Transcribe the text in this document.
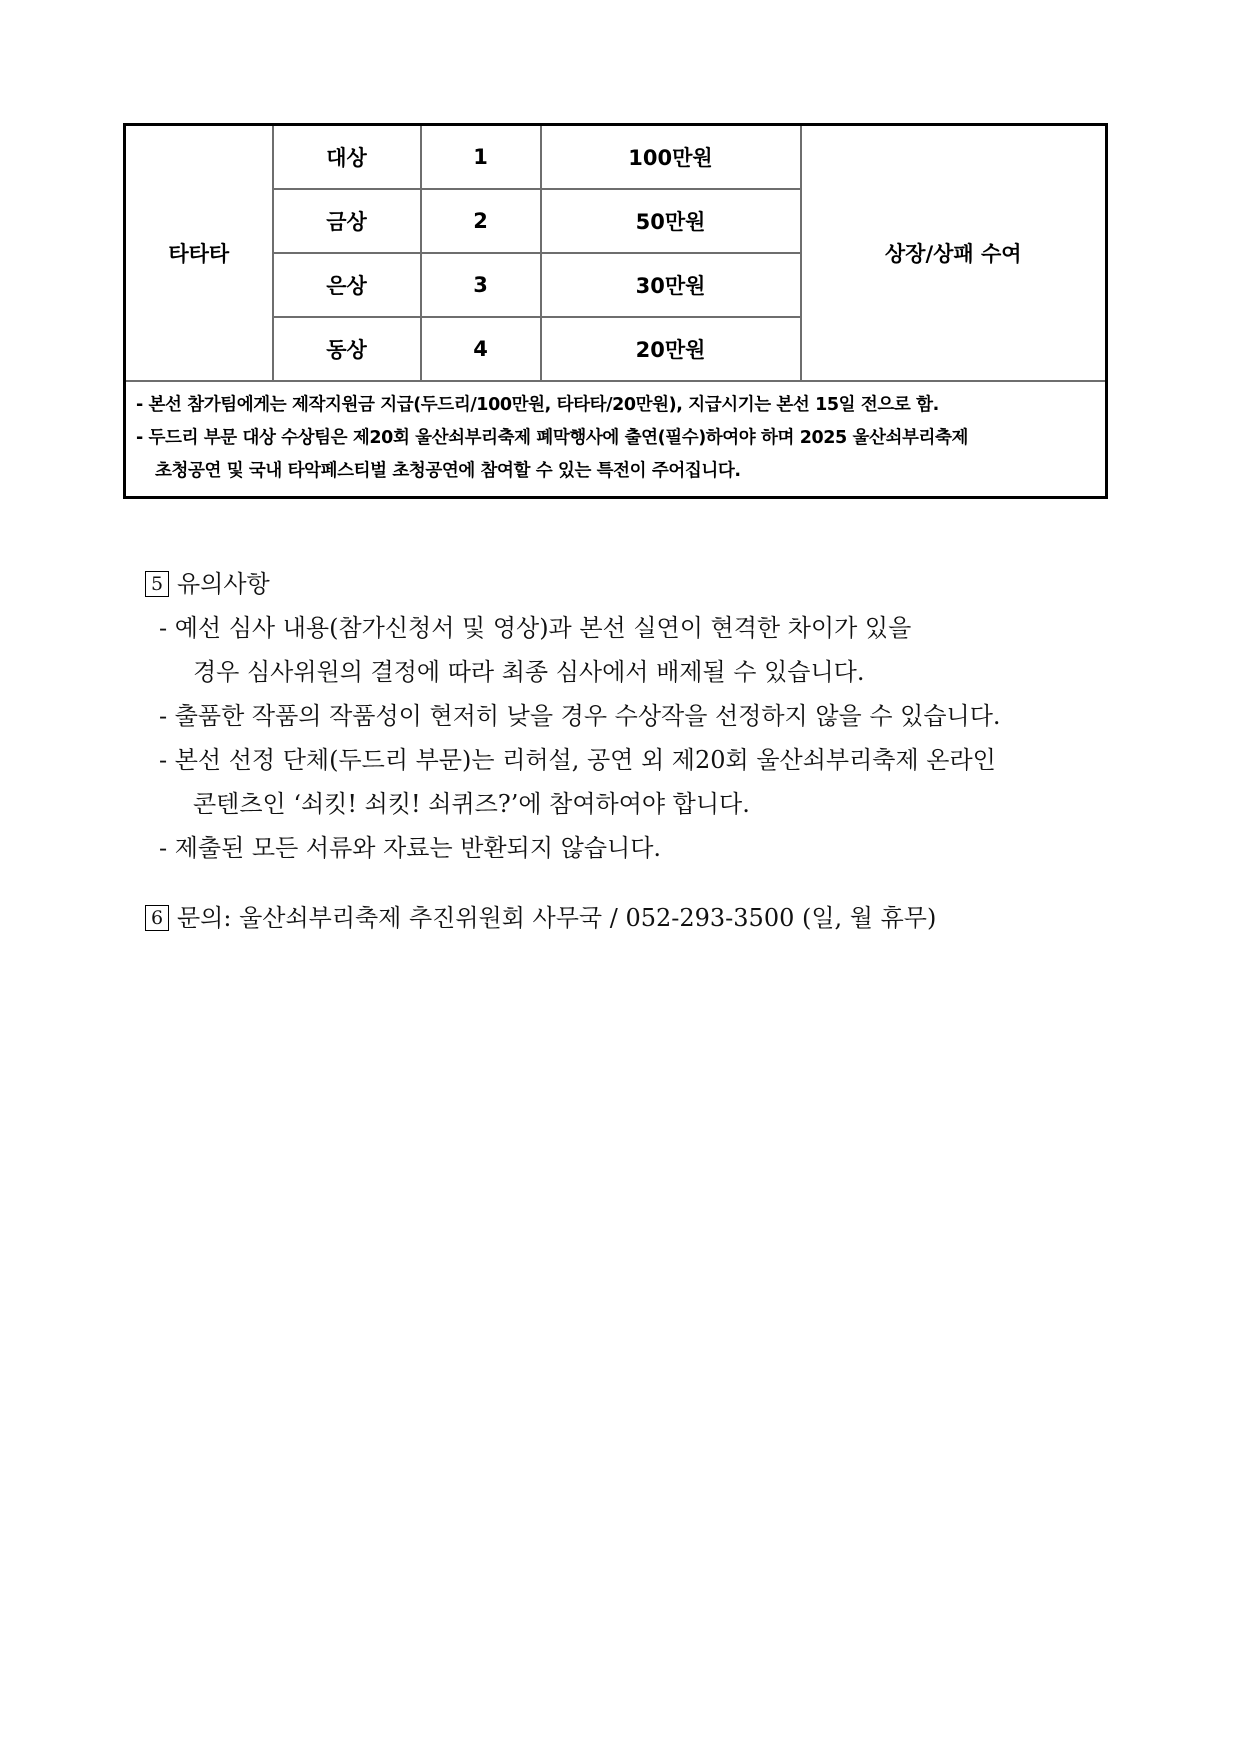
타타타	대상	1	100만원	상장/상패 수여
	금상	2	50만원	
	은상	3	30만원	
	동상	4	20만원	

- 본선 참가팀에게는 제작지원금 지급(두드리/100만원, 타타타/20만원), 지급시기는 본선 15일 전으로 함.
- 두드리 부문 대상 수상팀은 제20회 울산쇠부리축제 폐막행사에 출연(필수)하여야 하며 2025 울산쇠부리축제
초청공연 및 국내 타악페스티벌 초청공연에 참여할 수 있는 특전이 주어집니다.				
5 유의사항
- 예선 심사 내용(참가신청서 및 영상)과 본선 실연이 현격한 차이가 있을
경우 심사위원의 결정에 따라 최종 심사에서 배제될 수 있습니다.
- 출품한 작품의 작품성이 현저히 낮을 경우 수상작을 선정하지 않을 수 있습니다.
- 본선 선정 단체(두드리 부문)는 리허설, 공연 외 제20회 울산쇠부리축제 온라인
콘텐츠인 ‘쇠킷! 쇠킷! 쇠퀴즈?’에 참여하여야 합니다.
- 제출된 모든 서류와 자료는 반환되지 않습니다.
6 문의: 울산쇠부리축제 추진위원회 사무국 / 052-293-3500 (일, 월 휴무)
